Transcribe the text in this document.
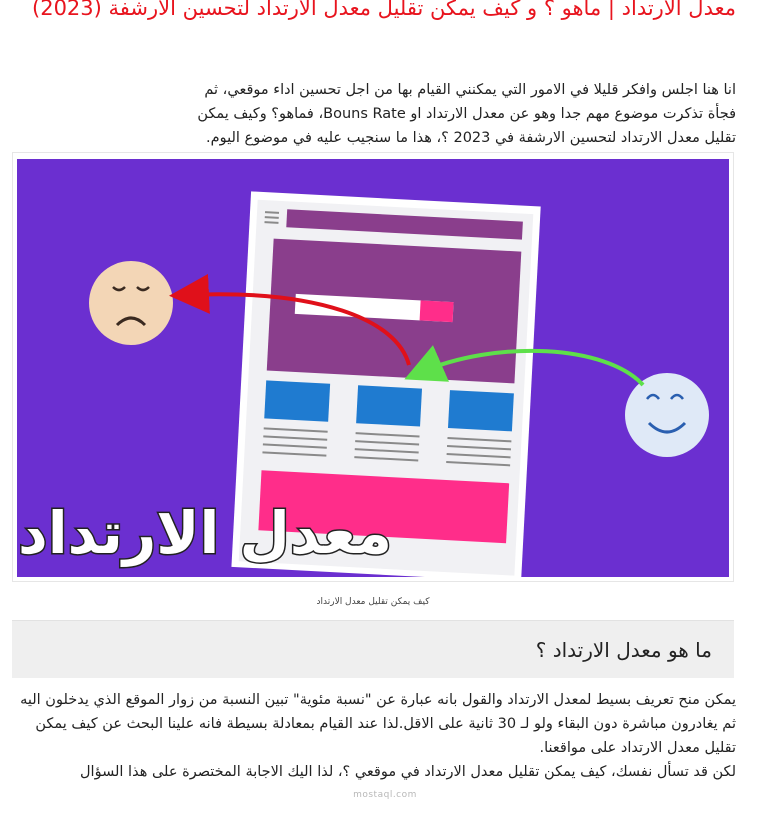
معدل الارتداد | ماهو ؟ و كيف يمكن تقليل معدل الارتداد لتحسين الارشفة (2023)

انا هنا اجلس وافكر قليلا في الامور التي يمكنني القيام بها من اجل تحسين اداء موقعي، ثم فجأة تذكرت موضوع مهم جدا وهو عن معدل الارتداد او Bouns Rate، فماهو؟ وكيف يمكن تقليل معدل الارتداد لتحسين الارشفة في 2023 ؟، هذا ما سنجيب عليه في موضوع اليوم.

معدل الارتداد
كيف يمكن تقليل معدل الارتداد
ما هو معدل الارتداد ؟

يمكن منح تعريف بسيط لمعدل الارتداد والقول بانه عبارة عن "نسبة مئوية" تبين النسبة من زوار الموقع الذي يدخلون اليه ثم يغادرون مباشرة دون البقاء ولو لـ 30 ثانية على الاقل.لذا عند القيام بمعادلة بسيطة فانه علينا البحث عن كيف يمكن تقليل معدل الارتداد على مواقعنا.

لكن قد تسأل نفسك، كيف يمكن تقليل معدل الارتداد في موقعي ؟، لذا اليك الاجابة المختصرة على هذا السؤال

mostaql.com
